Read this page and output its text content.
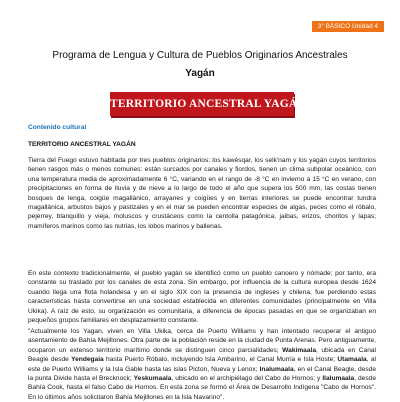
3° BÁSICO Unidad 4
Programa de Lengua y Cultura de Pueblos Originarios Ancestrales
Yagán
TERRITORIO ANCESTRAL YAGÁN
Contenido cultural
TERRITORIO ANCESTRAL YAGÁN
Tierra del Fuego estuvo habitada por tres pueblos originarios: los kawésqar, los selk'nam y los yagán cuyos territorios tienen rasgos más o menos comunes: están surcados por canales y fiordos, tienen un clima subpolar oceánico, con una temperatura media de aproximadamente 6 °C, variando en el rango de -8 °C en invierno a 15 °C en verano, con precipitaciones en forma de lluvia y de nieve a lo largo de todo el año que supera los 500 mm, las costas tienen bosques de lenga, coigüe magallánico, arrayanes y coigües y en tierras interiores se puede encontrar tundra magallánica, arbustos bajos y pastizales y en el mar se pueden encontrar especies de algas, peces como el róbalo, pejerrey, blanquillo y vieja, moluscos y crustáceos como la centolla patagónica, jaibas, erizos, choritos y lapas; mamíferos marinos como las nutrias, los lobos marinos y ballenas.
En este contexto tradicionalmente, el pueblo yagán se identificó como un pueblo canoero y nómade; por tanto, era constante su traslado por los canales de esta zona. Sin embargo, por influencia de la cultura europea desde 1624 cuando llega una flota holandesa y en el siglo XIX con la presencia de ingleses y chilena, fue perdiendo estas características hasta convertirse en una sociedad establecida en diferentes comunidades (principalmente en Villa Ukika). A raíz de esto, su organización es comunitaria, a diferencia de épocas pasadas en que se organizaban en pequeños grupos familiares en desplazamiento constante.
"Actualmente los Yagan, viven en Villa Ukika, cerca de Puerto Williams y han intentado recuperar el antiguo asentamiento de Bahía Mejillones. Otra parte de la población reside en la ciudad de Punta Arenas. Pero antiguamente, ocuparon un extenso territorio marítimo donde se distinguen cinco parcialidades; Wakimaala, ubicada en Canal Beagle desde Yendegaia hasta Puerto Róbalo, incluyendo Isla Ambarino, el Canal Murria e Isla Hoste; Utamaala, al este de Puerto Williams y la Isla Gable hasta las islas Picton, Nueva y Lenox; Inalumaala, en el Canal Beagle, desde la punta Divide hasta el Brecknock; Yeskumaala, ubicado en el archipiélago del Cabo de Hornos; y Ilalumaala, desde Bahía Cook, hasta el falso Cabo de Hornos. En esta zona se formó el Área de Desarrollo Indígena "Cabo de Hornos". En lo últimos años solicitaron Bahía Mejillones en la Isla Navarino".
